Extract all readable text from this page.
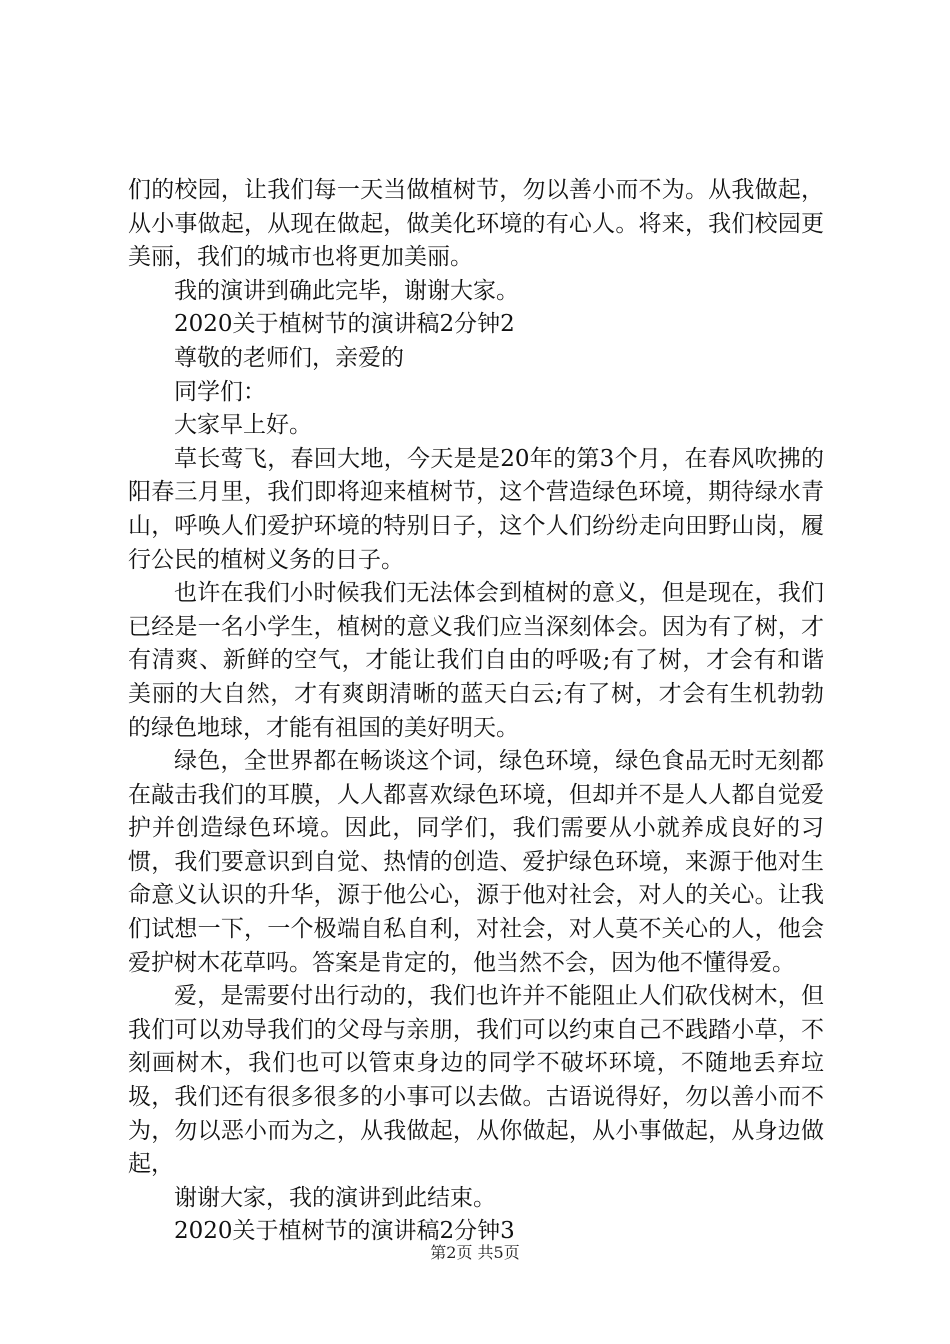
们的校园，让我们每一天当做植树节，勿以善小而不为。从我做起，从小事做起，从现在做起，做美化环境的有心人。将来，我们校园更美丽，我们的城市也将更加美丽。

我的演讲到确此完毕，谢谢大家。

2020关于植树节的演讲稿2分钟2

尊敬的老师们，亲爱的

同学们：

大家早上好。

草长莺飞，春回大地，今天是是20年的第3个月，在春风吹拂的阳春三月里，我们即将迎来植树节，这个营造绿色环境，期待绿水青山，呼唤人们爱护环境的特别日子，这个人们纷纷走向田野山岗，履行公民的植树义务的日子。

也许在我们小时候我们无法体会到植树的意义，但是现在，我们已经是一名小学生，植树的意义我们应当深刻体会。因为有了树，才有清爽、新鲜的空气，才能让我们自由的呼吸;有了树，才会有和谐美丽的大自然，才有爽朗清晰的蓝天白云;有了树，才会有生机勃勃的绿色地球，才能有祖国的美好明天。

绿色，全世界都在畅谈这个词，绿色环境，绿色食品无时无刻都在敲击我们的耳膜，人人都喜欢绿色环境，但却并不是人人都自觉爱护并创造绿色环境。因此，同学们，我们需要从小就养成良好的习惯，我们要意识到自觉、热情的创造、爱护绿色环境，来源于他对生命意义认识的升华，源于他公心，源于他对社会，对人的关心。让我们试想一下，一个极端自私自利，对社会，对人莫不关心的人，他会爱护树木花草吗。答案是肯定的，他当然不会，因为他不懂得爱。

爱，是需要付出行动的，我们也许并不能阻止人们砍伐树木，但我们可以劝导我们的父母与亲朋，我们可以约束自己不践踏小草，不刻画树木，我们也可以管束身边的同学不破坏环境，不随地丢弃垃圾，我们还有很多很多的小事可以去做。古语说得好，勿以善小而不为，勿以恶小而为之，从我做起，从你做起，从小事做起，从身边做起，

谢谢大家，我的演讲到此结束。

2020关于植树节的演讲稿2分钟3

第2页 共5页
